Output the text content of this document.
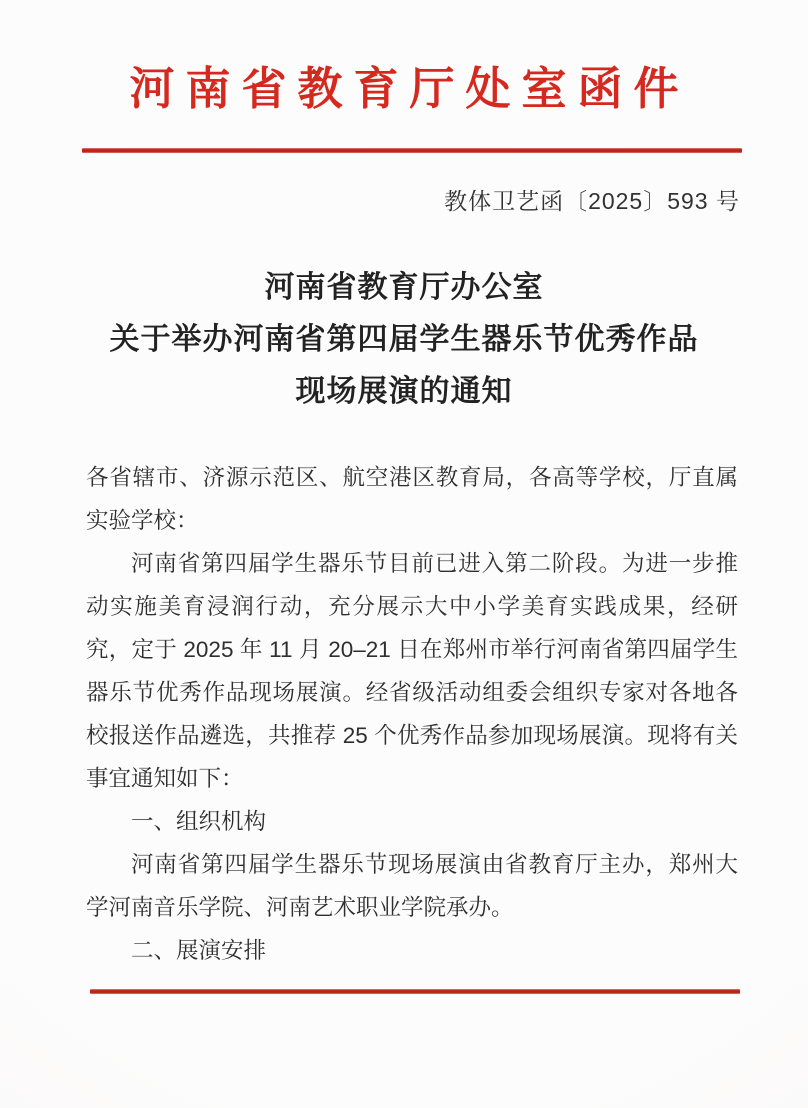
河南省教育厅处室函件
教体卫艺函〔2025〕593 号
河南省教育厅办公室
关于举办河南省第四届学生器乐节优秀作品
现场展演的通知

各省辖市、济源示范区、航空港区教育局，各高等学校，厅直属实验学校：

河南省第四届学生器乐节目前已进入第二阶段。为进一步推动实施美育浸润行动，充分展示大中小学美育实践成果，经研究，定于 2025 年 11 月 20–21 日在郑州市举行河南省第四届学生器乐节优秀作品现场展演。经省级活动组委会组织专家对各地各校报送作品遴选，共推荐 25 个优秀作品参加现场展演。现将有关事宜通知如下：

一、组织机构

河南省第四届学生器乐节现场展演由省教育厅主办，郑州大学河南音乐学院、河南艺术职业学院承办。

二、展演安排
